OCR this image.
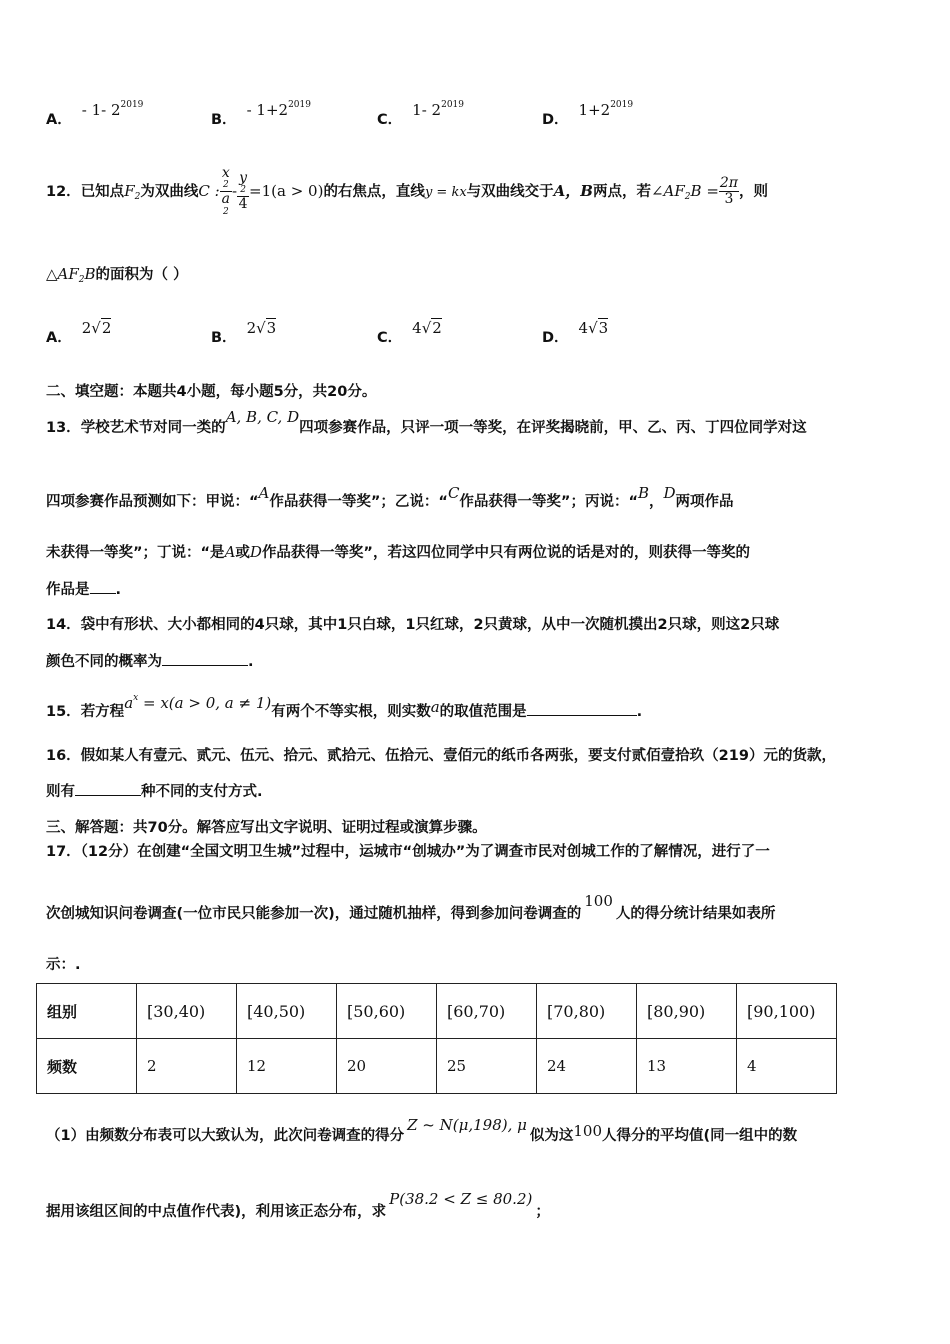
A．- 1- $2^{2019}$
B．- $1+2^{2019}$
C．1- $2^{2019}$
D．$1+2^{2019}$
12．已知点$F_2$为双曲线C : x
2
a
2 - y
2
4 =1(a > 0)的右焦点，直线y = kx与双曲线交于A，B两点，若$\angle AF_2B = \frac{2\pi}{3}$ ，则
$\triangle AF_2B$的面积为（ ）
A．2√2
B．2√3
C．4√2
D．4√3
二、填空题：本题共4小题，每小题5分，共20分。
13．学校艺术节对同一类的A, B, C, D四项参赛作品，只评一项一等奖，在评奖揭晓前，甲、乙、丙、丁四位同学对这
四项参赛作品预测如下：甲说：“A作品获得一等奖”；乙说：“C作品获得一等奖”；丙说：“B，D两项作品
未获得一等奖”；丁说：“是A或D作品获得一等奖”，若这四位同学中只有两位说的话是对的，则获得一等奖的
作品是 .
14．袋中有形状、大小都相同的4只球，其中1只白球，1只红球，2只黄球，从中一次随机摸出2只球，则这2只球
颜色不同的概率为	.
15．若方程$a^x = x(a > 0$, a ≠ 1)有两个不等实根，则实数a的取值范围是	.
16．假如某人有壹元、贰元、伍元、拾元、贰拾元、伍拾元、壹佰元的纸币各两张，要支付贰佰壹拾玖（219）元的货款，
则有	种不同的支付方式.
三、解答题：共70分。解答应写出文字说明、证明过程或演算步骤。
17．（12分）在创建“全国文明卫生城”过程中，运城市“创城办”为了调查市民对创城工作的了解情况，进行了一
次创城知识问卷调查(一位市民只能参加一次)，通过随机抽样，得到参加问卷调查的100人的得分统计结果如表所
示：.
组别	[30,40)	[40,50)	[50,60)	[60,70)	[70,80)	[80,90)	[90,100)
频数	2	12	20	25	24	13	4
（1）由频数分布表可以大致认为，此次问卷调查的得分Z ~ N(μ,198), μ似为这100人得分的平均值(同一组中的数
据用该组区间的中点值作代表)，利用该正态分布，求P(38.2 < Z ≤ 80.2)；
